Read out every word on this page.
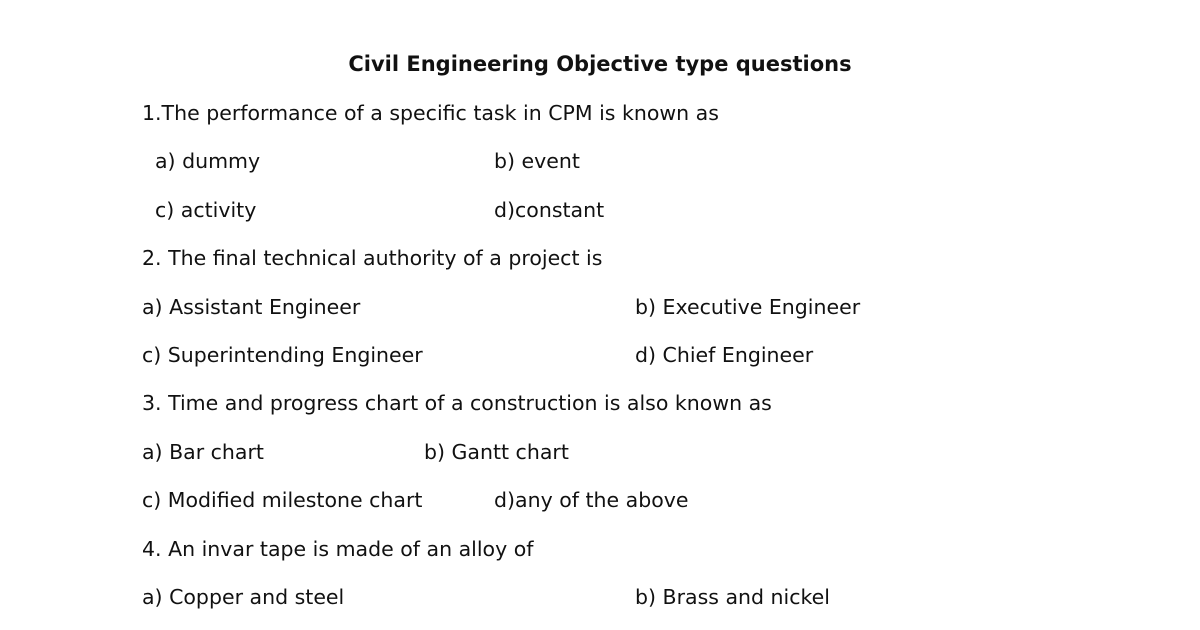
Civil Engineering Objective type questions
1.The performance of a specific task in CPM is known as
a) dummy	b) event
c) activity	d)constant
2. The final technical authority of a project is
a) Assistant Engineer	b) Executive Engineer
c) Superintending Engineer	d) Chief Engineer
3. Time and progress chart of a construction is also known as
a) Bar chart	b) Gantt chart
c) Modified milestone chart	d)any of the above
4. An invar tape is made of an alloy of
a) Copper and steel	b) Brass and nickel
